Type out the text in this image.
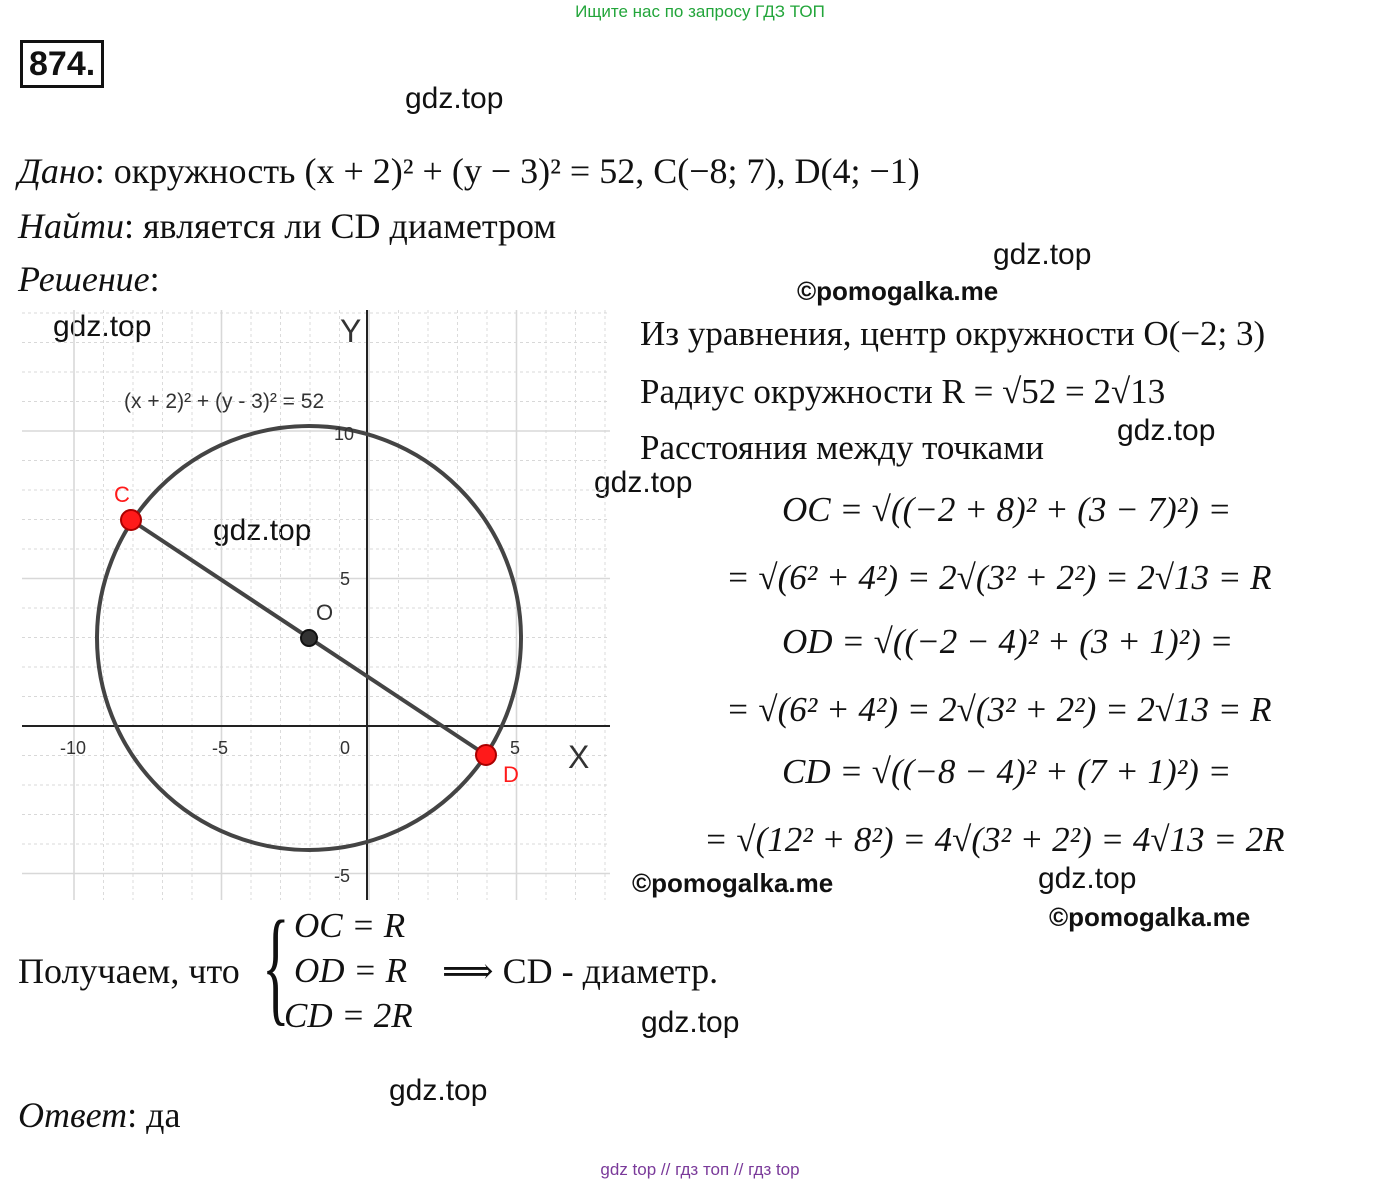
Ищите нас по запросу ГДЗ ТОП
874.
gdz.top
gdz.top
gdz.top
gdz.top
gdz.top
gdz.top
gdz.top
gdz.top
gdz.top
©pomogalka.me
©pomogalka.me
©pomogalka.me
Дано: окружность (x + 2)² + (y − 3)² = 52, C(−8; 7), D(4; −1)
Найти: является ли CD диаметром
Решение:
(x + 2)² + (y - 3)² = 52
Y
X
-10	-5	0	5
10
5
-5
C
D
O
Из уравнения, центр окружности O(−2; 3)
Радиус окружности R = √52 = 2√13
Расстояния между точками
OC = √((−2 + 8)² + (3 − 7)²) =
= √(6² + 4²) = 2√(3² + 2²) = 2√13 = R
OD = √((−2 − 4)² + (3 + 1)²) =
= √(6² + 4²) = 2√(3² + 2²) = 2√13 = R
CD = √((−8 − 4)² + (7 + 1)²) =
= √(12² + 8²) = 4√(3² + 2²) = 4√13 = 2R
Получаем, что { OC = R
OD = R
CD = 2R
⟹ CD - диаметр.
Ответ: да
gdz top // гдз топ // гдз top
